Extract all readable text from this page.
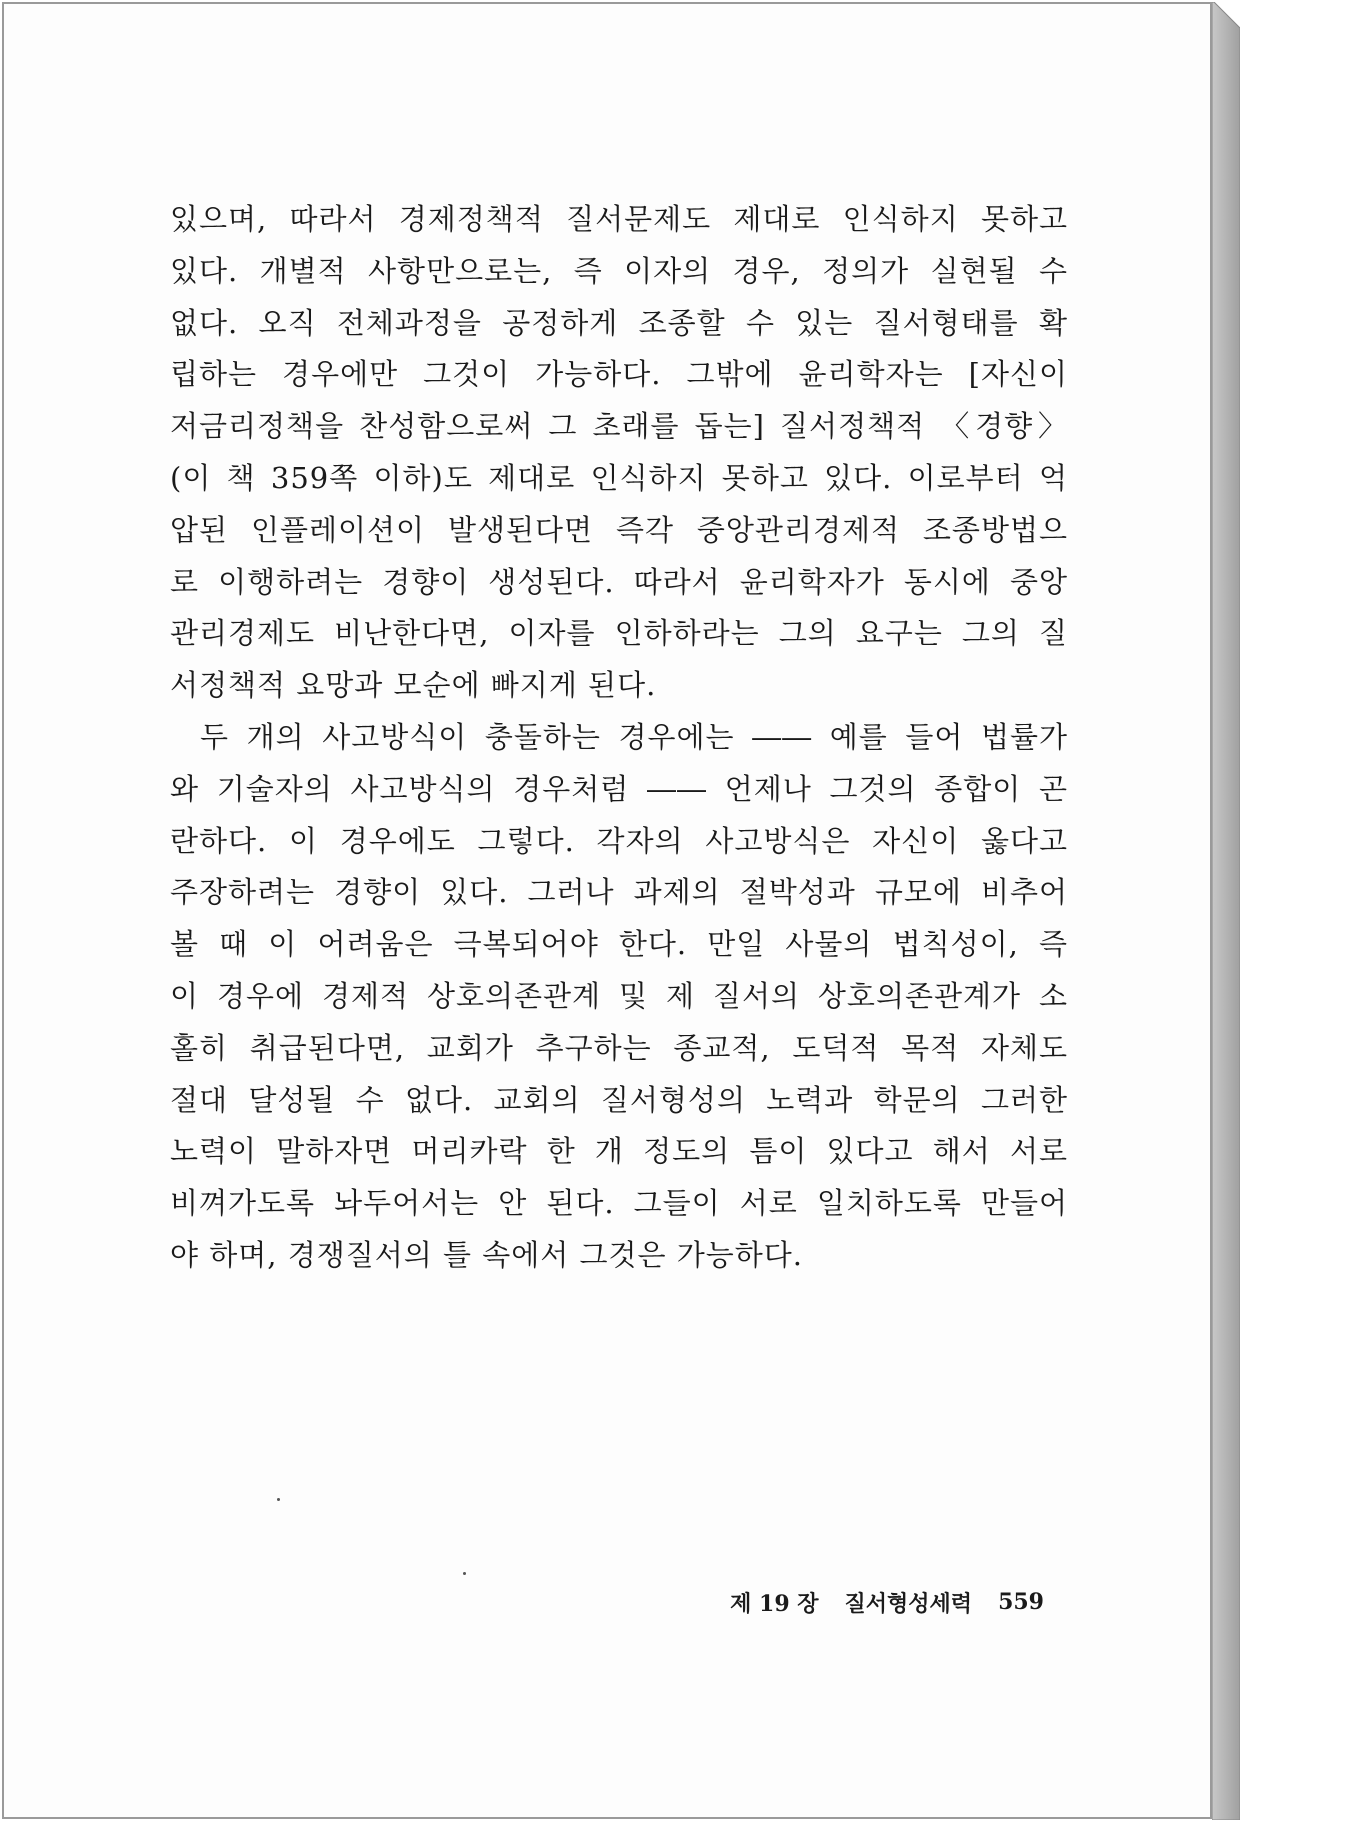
있으며, 따라서 경제정책적 질서문제도 제대로 인식하지 못하고
있다. 개별적 사항만으로는, 즉 이자의 경우, 정의가 실현될 수
없다. 오직 전체과정을 공정하게 조종할 수 있는 질서형태를 확
립하는 경우에만 그것이 가능하다. 그밖에 윤리학자는 [자신이
저금리정책을 찬성함으로써 그 초래를 돕는] 질서정책적 〈경향〉
(이 책 359쪽 이하)도 제대로 인식하지 못하고 있다. 이로부터 억
압된 인플레이션이 발생된다면 즉각 중앙관리경제적 조종방법으
로 이행하려는 경향이 생성된다. 따라서 윤리학자가 동시에 중앙
관리경제도 비난한다면, 이자를 인하하라는 그의 요구는 그의 질
서정책적 요망과 모순에 빠지게 된다.
두 개의 사고방식이 충돌하는 경우에는 ―― 예를 들어 법률가
와 기술자의 사고방식의 경우처럼 ―― 언제나 그것의 종합이 곤
란하다. 이 경우에도 그렇다. 각자의 사고방식은 자신이 옳다고
주장하려는 경향이 있다. 그러나 과제의 절박성과 규모에 비추어
볼 때 이 어려움은 극복되어야 한다. 만일 사물의 법칙성이, 즉
이 경우에 경제적 상호의존관계 및 제 질서의 상호의존관계가 소
홀히 취급된다면, 교회가 추구하는 종교적, 도덕적 목적 자체도
절대 달성될 수 없다. 교회의 질서형성의 노력과 학문의 그러한
노력이 말하자면 머리카락 한 개 정도의 틈이 있다고 해서 서로
비껴가도록 놔두어서는 안 된다. 그들이 서로 일치하도록 만들어
야 하며, 경쟁질서의 틀 속에서 그것은 가능하다.
제 19 장 질서형성세력 559
